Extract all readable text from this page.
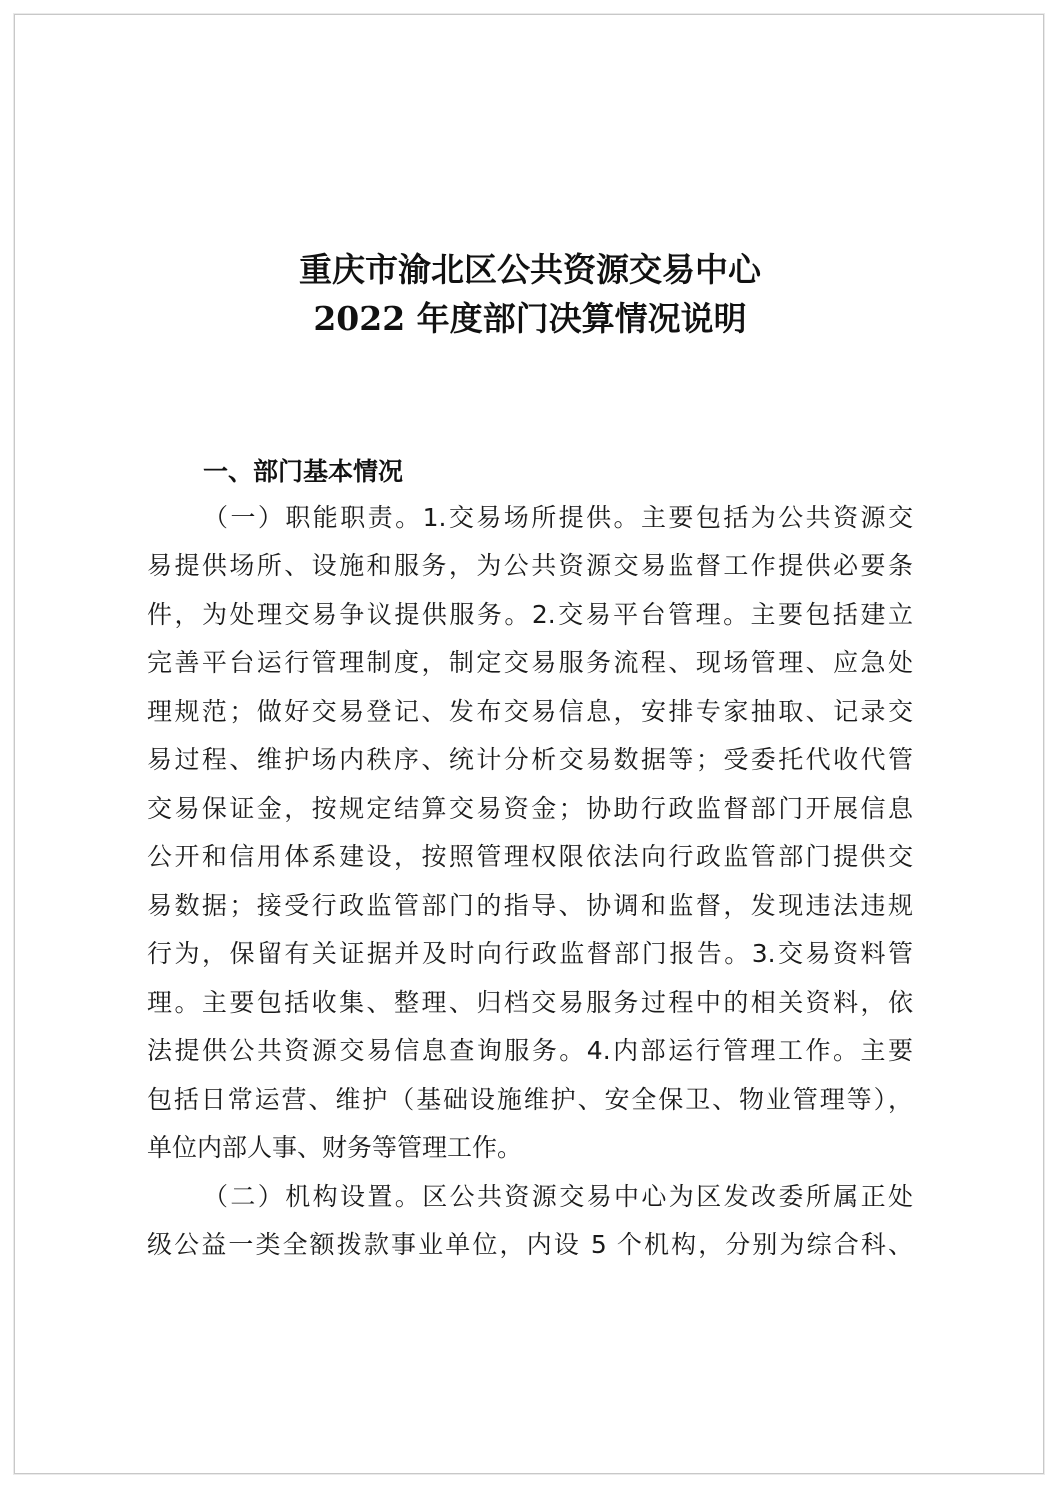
重庆市渝北区公共资源交易中心
2022 年度部门决算情况说明
一、部门基本情况
（一）职能职责。1.交易场所提供。主要包括为公共资源交
易提供场所、设施和服务，为公共资源交易监督工作提供必要条
件，为处理交易争议提供服务。2.交易平台管理。主要包括建立
完善平台运行管理制度，制定交易服务流程、现场管理、应急处
理规范；做好交易登记、发布交易信息，安排专家抽取、记录交
易过程、维护场内秩序、统计分析交易数据等；受委托代收代管
交易保证金，按规定结算交易资金；协助行政监督部门开展信息
公开和信用体系建设，按照管理权限依法向行政监管部门提供交
易数据；接受行政监管部门的指导、协调和监督，发现违法违规
行为，保留有关证据并及时向行政监督部门报告。3.交易资料管
理。主要包括收集、整理、归档交易服务过程中的相关资料，依
法提供公共资源交易信息查询服务。4.内部运行管理工作。主要
包括日常运营、维护（基础设施维护、安全保卫、物业管理等），
单位内部人事、财务等管理工作。
（二）机构设置。区公共资源交易中心为区发改委所属正处
级公益一类全额拨款事业单位，内设 5 个机构，分别为综合科、
